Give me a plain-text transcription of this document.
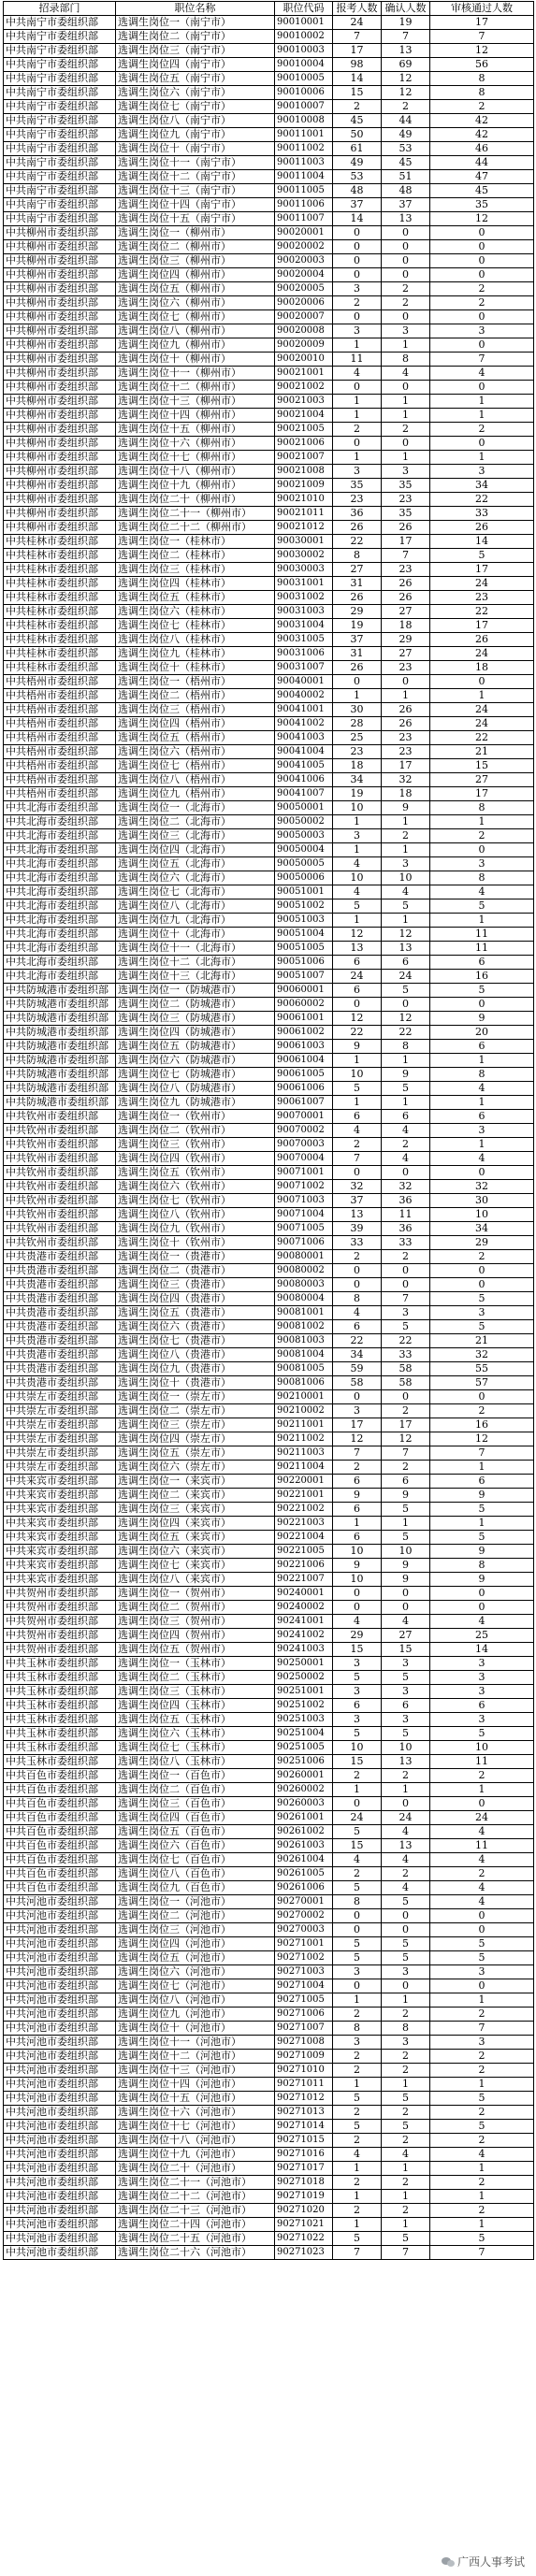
招录部门	职位名称	职位代码	报考人数	确认人数	审核通过人数
中共南宁市委组织部	选调生岗位一（南宁市）	90010001	24	19	17
中共南宁市委组织部	选调生岗位二（南宁市）	90010002	7	7	7
中共南宁市委组织部	选调生岗位三（南宁市）	90010003	17	13	12
中共南宁市委组织部	选调生岗位四（南宁市）	90010004	98	69	56
中共南宁市委组织部	选调生岗位五（南宁市）	90010005	14	12	8
中共南宁市委组织部	选调生岗位六（南宁市）	90010006	15	12	8
中共南宁市委组织部	选调生岗位七（南宁市）	90010007	2	2	2
中共南宁市委组织部	选调生岗位八（南宁市）	90010008	45	44	42
中共南宁市委组织部	选调生岗位九（南宁市）	90011001	50	49	42
中共南宁市委组织部	选调生岗位十（南宁市）	90011002	61	53	46
中共南宁市委组织部	选调生岗位十一（南宁市）	90011003	49	45	44
中共南宁市委组织部	选调生岗位十二（南宁市）	90011004	53	51	47
中共南宁市委组织部	选调生岗位十三（南宁市）	90011005	48	48	45
中共南宁市委组织部	选调生岗位十四（南宁市）	90011006	37	37	35
中共南宁市委组织部	选调生岗位十五（南宁市）	90011007	14	13	12
中共柳州市委组织部	选调生岗位一（柳州市）	90020001	0	0	0
中共柳州市委组织部	选调生岗位二（柳州市）	90020002	0	0	0
中共柳州市委组织部	选调生岗位三（柳州市）	90020003	0	0	0
中共柳州市委组织部	选调生岗位四（柳州市）	90020004	0	0	0
中共柳州市委组织部	选调生岗位五（柳州市）	90020005	3	2	2
中共柳州市委组织部	选调生岗位六（柳州市）	90020006	2	2	2
中共柳州市委组织部	选调生岗位七（柳州市）	90020007	0	0	0
中共柳州市委组织部	选调生岗位八（柳州市）	90020008	3	3	3
中共柳州市委组织部	选调生岗位九（柳州市）	90020009	1	1	0
中共柳州市委组织部	选调生岗位十（柳州市）	90020010	11	8	7
中共柳州市委组织部	选调生岗位十一（柳州市）	90021001	4	4	4
中共柳州市委组织部	选调生岗位十二（柳州市）	90021002	0	0	0
中共柳州市委组织部	选调生岗位十三（柳州市）	90021003	1	1	1
中共柳州市委组织部	选调生岗位十四（柳州市）	90021004	1	1	1
中共柳州市委组织部	选调生岗位十五（柳州市）	90021005	2	2	2
中共柳州市委组织部	选调生岗位十六（柳州市）	90021006	0	0	0
中共柳州市委组织部	选调生岗位十七（柳州市）	90021007	1	1	1
中共柳州市委组织部	选调生岗位十八（柳州市）	90021008	3	3	3
中共柳州市委组织部	选调生岗位十九（柳州市）	90021009	35	35	34
中共柳州市委组织部	选调生岗位二十（柳州市）	90021010	23	23	22
中共柳州市委组织部	选调生岗位二十一（柳州市）	90021011	36	35	33
中共柳州市委组织部	选调生岗位二十二（柳州市）	90021012	26	26	26
中共桂林市委组织部	选调生岗位一（桂林市）	90030001	22	17	14
中共桂林市委组织部	选调生岗位二（桂林市）	90030002	8	7	5
中共桂林市委组织部	选调生岗位三（桂林市）	90030003	27	23	17
中共桂林市委组织部	选调生岗位四（桂林市）	90031001	31	26	24
中共桂林市委组织部	选调生岗位五（桂林市）	90031002	26	26	23
中共桂林市委组织部	选调生岗位六（桂林市）	90031003	29	27	22
中共桂林市委组织部	选调生岗位七（桂林市）	90031004	19	18	17
中共桂林市委组织部	选调生岗位八（桂林市）	90031005	37	29	26
中共桂林市委组织部	选调生岗位九（桂林市）	90031006	31	27	24
中共桂林市委组织部	选调生岗位十（桂林市）	90031007	26	23	18
中共梧州市委组织部	选调生岗位一（梧州市）	90040001	0	0	0
中共梧州市委组织部	选调生岗位二（梧州市）	90040002	1	1	1
中共梧州市委组织部	选调生岗位三（梧州市）	90041001	30	26	24
中共梧州市委组织部	选调生岗位四（梧州市）	90041002	28	26	24
中共梧州市委组织部	选调生岗位五（梧州市）	90041003	25	23	22
中共梧州市委组织部	选调生岗位六（梧州市）	90041004	23	23	21
中共梧州市委组织部	选调生岗位七（梧州市）	90041005	18	17	15
中共梧州市委组织部	选调生岗位八（梧州市）	90041006	34	32	27
中共梧州市委组织部	选调生岗位九（梧州市）	90041007	19	18	17
中共北海市委组织部	选调生岗位一（北海市）	90050001	10	9	8
中共北海市委组织部	选调生岗位二（北海市）	90050002	1	1	1
中共北海市委组织部	选调生岗位三（北海市）	90050003	3	2	2
中共北海市委组织部	选调生岗位四（北海市）	90050004	1	1	0
中共北海市委组织部	选调生岗位五（北海市）	90050005	4	3	3
中共北海市委组织部	选调生岗位六（北海市）	90050006	10	10	8
中共北海市委组织部	选调生岗位七（北海市）	90051001	4	4	4
中共北海市委组织部	选调生岗位八（北海市）	90051002	5	5	5
中共北海市委组织部	选调生岗位九（北海市）	90051003	1	1	1
中共北海市委组织部	选调生岗位十（北海市）	90051004	12	12	11
中共北海市委组织部	选调生岗位十一（北海市）	90051005	13	13	11
中共北海市委组织部	选调生岗位十二（北海市）	90051006	6	6	6
中共北海市委组织部	选调生岗位十三（北海市）	90051007	24	24	16
中共防城港市委组织部	选调生岗位一（防城港市）	90060001	6	5	5
中共防城港市委组织部	选调生岗位二（防城港市）	90060002	0	0	0
中共防城港市委组织部	选调生岗位三（防城港市）	90061001	12	12	9
中共防城港市委组织部	选调生岗位四（防城港市）	90061002	22	22	20
中共防城港市委组织部	选调生岗位五（防城港市）	90061003	9	8	6
中共防城港市委组织部	选调生岗位六（防城港市）	90061004	1	1	1
中共防城港市委组织部	选调生岗位七（防城港市）	90061005	10	9	8
中共防城港市委组织部	选调生岗位八（防城港市）	90061006	5	5	4
中共防城港市委组织部	选调生岗位九（防城港市）	90061007	1	1	1
中共钦州市委组织部	选调生岗位一（钦州市）	90070001	6	6	6
中共钦州市委组织部	选调生岗位二（钦州市）	90070002	4	4	3
中共钦州市委组织部	选调生岗位三（钦州市）	90070003	2	2	1
中共钦州市委组织部	选调生岗位四（钦州市）	90070004	7	4	4
中共钦州市委组织部	选调生岗位五（钦州市）	90071001	0	0	0
中共钦州市委组织部	选调生岗位六（钦州市）	90071002	32	32	32
中共钦州市委组织部	选调生岗位七（钦州市）	90071003	37	36	30
中共钦州市委组织部	选调生岗位八（钦州市）	90071004	13	11	10
中共钦州市委组织部	选调生岗位九（钦州市）	90071005	39	36	34
中共钦州市委组织部	选调生岗位十（钦州市）	90071006	33	33	29
中共贵港市委组织部	选调生岗位一（贵港市）	90080001	2	2	2
中共贵港市委组织部	选调生岗位二（贵港市）	90080002	0	0	0
中共贵港市委组织部	选调生岗位三（贵港市）	90080003	0	0	0
中共贵港市委组织部	选调生岗位四（贵港市）	90080004	8	7	5
中共贵港市委组织部	选调生岗位五（贵港市）	90081001	4	3	3
中共贵港市委组织部	选调生岗位六（贵港市）	90081002	6	5	5
中共贵港市委组织部	选调生岗位七（贵港市）	90081003	22	22	21
中共贵港市委组织部	选调生岗位八（贵港市）	90081004	34	33	32
中共贵港市委组织部	选调生岗位九（贵港市）	90081005	59	58	55
中共贵港市委组织部	选调生岗位十（贵港市）	90081006	58	58	57
中共崇左市委组织部	选调生岗位一（崇左市）	90210001	0	0	0
中共崇左市委组织部	选调生岗位二（崇左市）	90210002	3	2	2
中共崇左市委组织部	选调生岗位三（崇左市）	90211001	17	17	16
中共崇左市委组织部	选调生岗位四（崇左市）	90211002	12	12	12
中共崇左市委组织部	选调生岗位五（崇左市）	90211003	7	7	7
中共崇左市委组织部	选调生岗位六（崇左市）	90211004	2	2	1
中共来宾市委组织部	选调生岗位一（来宾市）	90220001	6	6	6
中共来宾市委组织部	选调生岗位二（来宾市）	90221001	9	9	9
中共来宾市委组织部	选调生岗位三（来宾市）	90221002	6	5	5
中共来宾市委组织部	选调生岗位四（来宾市）	90221003	1	1	1
中共来宾市委组织部	选调生岗位五（来宾市）	90221004	6	5	5
中共来宾市委组织部	选调生岗位六（来宾市）	90221005	10	10	9
中共来宾市委组织部	选调生岗位七（来宾市）	90221006	9	9	8
中共来宾市委组织部	选调生岗位八（来宾市）	90221007	10	9	9
中共贺州市委组织部	选调生岗位一（贺州市）	90240001	0	0	0
中共贺州市委组织部	选调生岗位二（贺州市）	90240002	0	0	0
中共贺州市委组织部	选调生岗位三（贺州市）	90241001	4	4	4
中共贺州市委组织部	选调生岗位四（贺州市）	90241002	29	27	25
中共贺州市委组织部	选调生岗位五（贺州市）	90241003	15	15	14
中共玉林市委组织部	选调生岗位一（玉林市）	90250001	3	3	3
中共玉林市委组织部	选调生岗位二（玉林市）	90250002	5	5	3
中共玉林市委组织部	选调生岗位三（玉林市）	90251001	3	3	3
中共玉林市委组织部	选调生岗位四（玉林市）	90251002	6	6	6
中共玉林市委组织部	选调生岗位五（玉林市）	90251003	3	3	3
中共玉林市委组织部	选调生岗位六（玉林市）	90251004	5	5	5
中共玉林市委组织部	选调生岗位七（玉林市）	90251005	10	10	10
中共玉林市委组织部	选调生岗位八（玉林市）	90251006	15	13	11
中共百色市委组织部	选调生岗位一（百色市）	90260001	2	2	2
中共百色市委组织部	选调生岗位二（百色市）	90260002	1	1	1
中共百色市委组织部	选调生岗位三（百色市）	90260003	0	0	0
中共百色市委组织部	选调生岗位四（百色市）	90261001	24	24	24
中共百色市委组织部	选调生岗位五（百色市）	90261002	5	4	4
中共百色市委组织部	选调生岗位六（百色市）	90261003	15	13	11
中共百色市委组织部	选调生岗位七（百色市）	90261004	4	4	4
中共百色市委组织部	选调生岗位八（百色市）	90261005	2	2	2
中共百色市委组织部	选调生岗位九（百色市）	90261006	5	4	4
中共河池市委组织部	选调生岗位一（河池市）	90270001	8	5	4
中共河池市委组织部	选调生岗位二（河池市）	90270002	0	0	0
中共河池市委组织部	选调生岗位三（河池市）	90270003	0	0	0
中共河池市委组织部	选调生岗位四（河池市）	90271001	5	5	5
中共河池市委组织部	选调生岗位五（河池市）	90271002	5	5	5
中共河池市委组织部	选调生岗位六（河池市）	90271003	3	3	3
中共河池市委组织部	选调生岗位七（河池市）	90271004	0	0	0
中共河池市委组织部	选调生岗位八（河池市）	90271005	1	1	1
中共河池市委组织部	选调生岗位九（河池市）	90271006	2	2	2
中共河池市委组织部	选调生岗位十（河池市）	90271007	8	8	7
中共河池市委组织部	选调生岗位十一（河池市）	90271008	3	3	3
中共河池市委组织部	选调生岗位十二（河池市）	90271009	2	2	2
中共河池市委组织部	选调生岗位十三（河池市）	90271010	2	2	2
中共河池市委组织部	选调生岗位十四（河池市）	90271011	1	1	1
中共河池市委组织部	选调生岗位十五（河池市）	90271012	5	5	5
中共河池市委组织部	选调生岗位十六（河池市）	90271013	2	2	2
中共河池市委组织部	选调生岗位十七（河池市）	90271014	5	5	5
中共河池市委组织部	选调生岗位十八（河池市）	90271015	2	2	2
中共河池市委组织部	选调生岗位十九（河池市）	90271016	4	4	4
中共河池市委组织部	选调生岗位二十（河池市）	90271017	1	1	1
中共河池市委组织部	选调生岗位二十一（河池市）	90271018	2	2	2
中共河池市委组织部	选调生岗位二十二（河池市）	90271019	1	1	1
中共河池市委组织部	选调生岗位二十三（河池市）	90271020	2	2	2
中共河池市委组织部	选调生岗位二十四（河池市）	90271021	1	1	1
中共河池市委组织部	选调生岗位二十五（河池市）	90271022	5	5	5
中共河池市委组织部	选调生岗位二十六（河池市）	90271023	7	7	7
广西人事考试
